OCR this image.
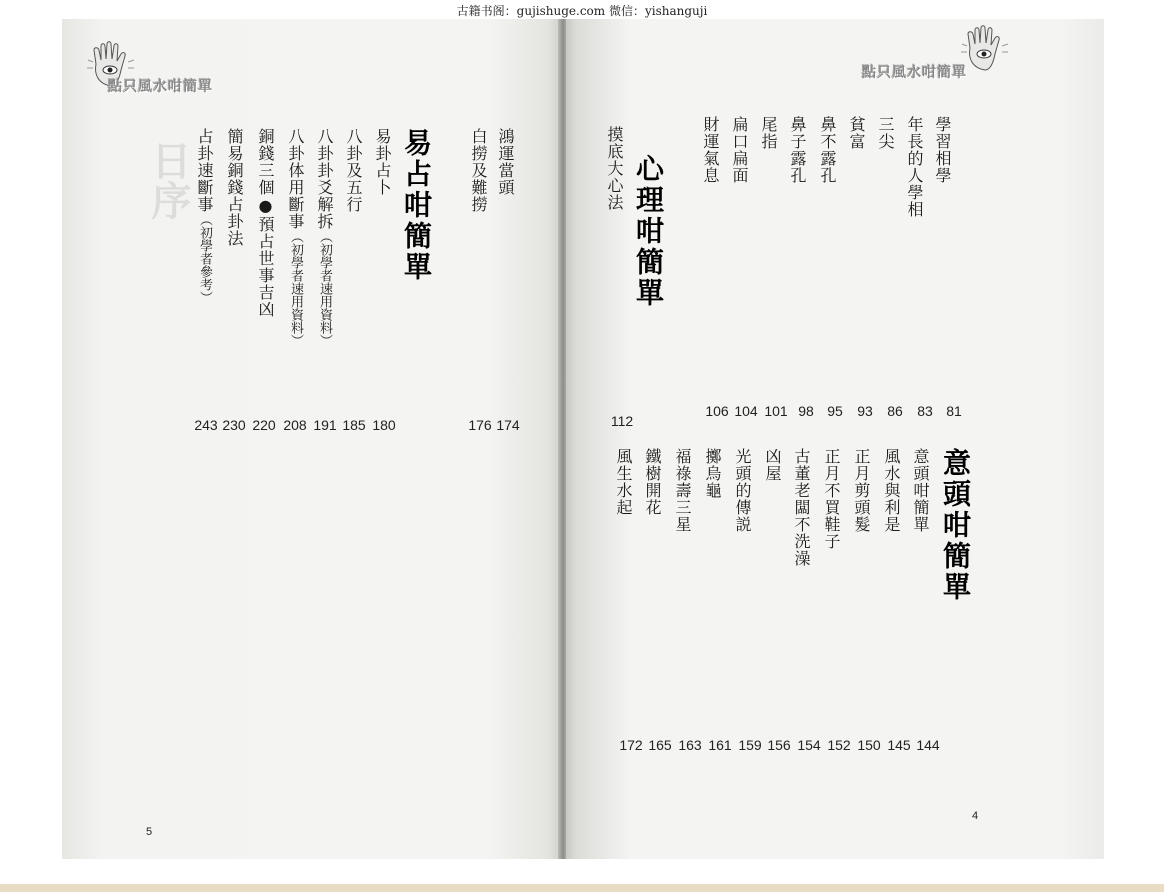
古籍书阁：gujishuge.com 微信：yishanguji
日序
點只風水咁簡單
鴻運當頭
白撈及難撈
174
176
易占咁簡單
易卦占卜
八卦及五行
八卦卦爻解拆（初學者速用資料）
八卦体用斷事（初學者速用資料）
銅錢三個●預占世事吉凶
簡易銅錢占卦法
占卦速斷事（初學者參考）
180
185
191
208
220
230
243
5
點只風水咁簡單
學習相學
年長的人學相
三尖
貧富
鼻不露孔
鼻子露孔
尾指
扁口扁面
財運氣息
81
83
86
93
95
98
101
104
106
心理咁簡單
摸底大心法
112
意頭咁簡單
意頭咁簡單
風水與利是
正月剪頭髮
正月不買鞋子
古董老闆不洗澡
凶屋
光頭的傳説
擲烏龜
福祿壽三星
鐵樹開花
風生水起
144
145
150
152
154
156
159
161
163
165
172
4
